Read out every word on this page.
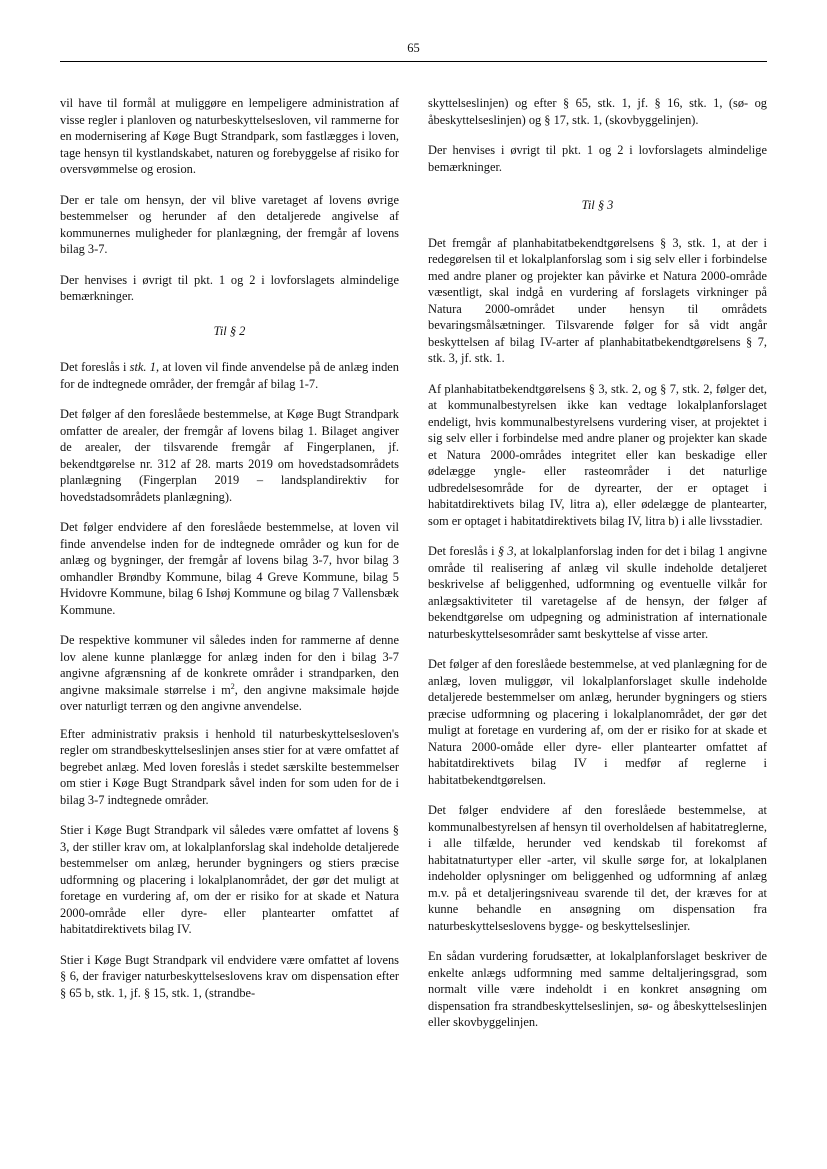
65

vil have til formål at muliggøre en lempeligere administration af visse regler i planloven og naturbeskyttelsesloven, vil rammerne for en modernisering af Køge Bugt Strandpark, som fastlægges i loven, tage hensyn til kystlandskabet, naturen og forebyggelse af risiko for oversvømmelse og erosion.

Der er tale om hensyn, der vil blive varetaget af lovens øvrige bestemmelser og herunder af den detaljerede angivelse af kommunernes muligheder for planlægning, der fremgår af lovens bilag 3-7.

Der henvises i øvrigt til pkt. 1 og 2 i lovforslagets almindelige bemærkninger.

Til § 2

Det foreslås i stk. 1, at loven vil finde anvendelse på de anlæg inden for de indtegnede områder, der fremgår af bilag 1-7.

Det følger af den foreslåede bestemmelse, at Køge Bugt Strandpark omfatter de arealer, der fremgår af lovens bilag 1. Bilaget angiver de arealer, der tilsvarende fremgår af Fingerplanen, jf. bekendtgørelse nr. 312 af 28. marts 2019 om hovedstadsområdets planlægning (Fingerplan 2019 – landsplandirektiv for hovedstadsområdets planlægning).

Det følger endvidere af den foreslåede bestemmelse, at loven vil finde anvendelse inden for de indtegnede områder og kun for de anlæg og bygninger, der fremgår af lovens bilag 3-7, hvor bilag 3 omhandler Brøndby Kommune, bilag 4 Greve Kommune, bilag 5 Hvidovre Kommune, bilag 6 Ishøj Kommune og bilag 7 Vallensbæk Kommune.

De respektive kommuner vil således inden for rammerne af denne lov alene kunne planlægge for anlæg inden for den i bilag 3-7 angivne afgrænsning af de konkrete områder i strandparken, den angivne maksimale størrelse i $m^2$, den angivne maksimale højde over naturligt terræn og den angivne anvendelse.

Efter administrativ praksis i henhold til naturbeskyttelsesloven's regler om strandbeskyttelseslinjen anses stier for at være omfattet af begrebet anlæg. Med loven foreslås i stedet særskilte bestemmelser om stier i Køge Bugt Strandpark såvel inden for som uden for de i bilag 3-7 indtegnede områder.

Stier i Køge Bugt Strandpark vil således være omfattet af lovens § 3, der stiller krav om, at lokalplanforslag skal indeholde detaljerede bestemmelser om anlæg, herunder bygningers og stiers præcise udformning og placering i lokalplanområdet, der gør det muligt at foretage en vurdering af, om der er risiko for at skade et Natura 2000-område eller dyre- eller plantearter omfattet af habitatdirektivets bilag IV.

Stier i Køge Bugt Strandpark vil endvidere være omfattet af lovens § 6, der fraviger naturbeskyttelseslovens krav om dispensation efter § 65 b, stk. 1, jf. § 15, stk. 1, (strandbe-

skyttelseslinjen) og efter § 65, stk. 1, jf. § 16, stk. 1, (sø- og åbeskyttelseslinjen) og § 17, stk. 1, (skovbyggelinjen).

Der henvises i øvrigt til pkt. 1 og 2 i lovforslagets almindelige bemærkninger.

Til § 3

Det fremgår af planhabitatbekendtgørelsens § 3, stk. 1, at der i redegørelsen til et lokalplanforslag som i sig selv eller i forbindelse med andre planer og projekter kan påvirke et Natura 2000-område væsentligt, skal indgå en vurdering af forslagets virkninger på Natura 2000-området under hensyn til områdets bevaringsmålsætninger. Tilsvarende følger for så vidt angår beskyttelsen af bilag IV-arter af planhabitatbekendtgørelsens § 7, stk. 3, jf. stk. 1.

Af planhabitatbekendtgørelsens § 3, stk. 2, og § 7, stk. 2, følger det, at kommunalbestyrelsen ikke kan vedtage lokalplanforslaget endeligt, hvis kommunalbestyrelsens vurdering viser, at projektet i sig selv eller i forbindelse med andre planer og projekter kan skade et Natura 2000-områdes integritet eller kan beskadige eller ødelægge yngle- eller rasteområder i det naturlige udbredelsesområde for de dyrearter, der er optaget i habitatdirektivets bilag IV, litra a), eller ødelægge de plantearter, som er optaget i habitatdirektivets bilag IV, litra b) i alle livsstadier.

Det foreslås i § 3, at lokalplanforslag inden for det i bilag 1 angivne område til realisering af anlæg vil skulle indeholde detaljeret beskrivelse af beliggenhed, udformning og eventuelle vilkår for anlægsaktiviteter til varetagelse af de hensyn, der følger af bekendtgørelse om udpegning og administration af internationale naturbeskyttelsesområder samt beskyttelse af visse arter.

Det følger af den foreslåede bestemmelse, at ved planlægning for de anlæg, loven muliggør, vil lokalplanforslaget skulle indeholde detaljerede bestemmelser om anlæg, herunder bygningers og stiers præcise udformning og placering i lokalplanområdet, der gør det muligt at foretage en vurdering af, om der er risiko for at skade et Natura 2000-omåde eller dyre- eller plantearter omfattet af habitatdirektivets bilag IV i medfør af reglerne i habitatbekendtgørelsen.

Det følger endvidere af den foreslåede bestemmelse, at kommunalbestyrelsen af hensyn til overholdelsen af habitatreglerne, i alle tilfælde, herunder ved kendskab til forekomst af habitatnaturtyper eller -arter, vil skulle sørge for, at lokalplanen indeholder oplysninger om beliggenhed og udformning af anlæg m.v. på et detaljeringsniveau svarende til det, der kræves for at kunne behandle en ansøgning om dispensation fra naturbeskyttelseslovens bygge- og beskyttelseslinjer.

En sådan vurdering forudsætter, at lokalplanforslaget beskriver de enkelte anlægs udformning med samme deltaljeringsgrad, som normalt ville være indeholdt i en konkret ansøgning om dispensation fra strandbeskyttelseslinjen, sø- og åbeskyttelseslinjen eller skovbyggelinjen.
